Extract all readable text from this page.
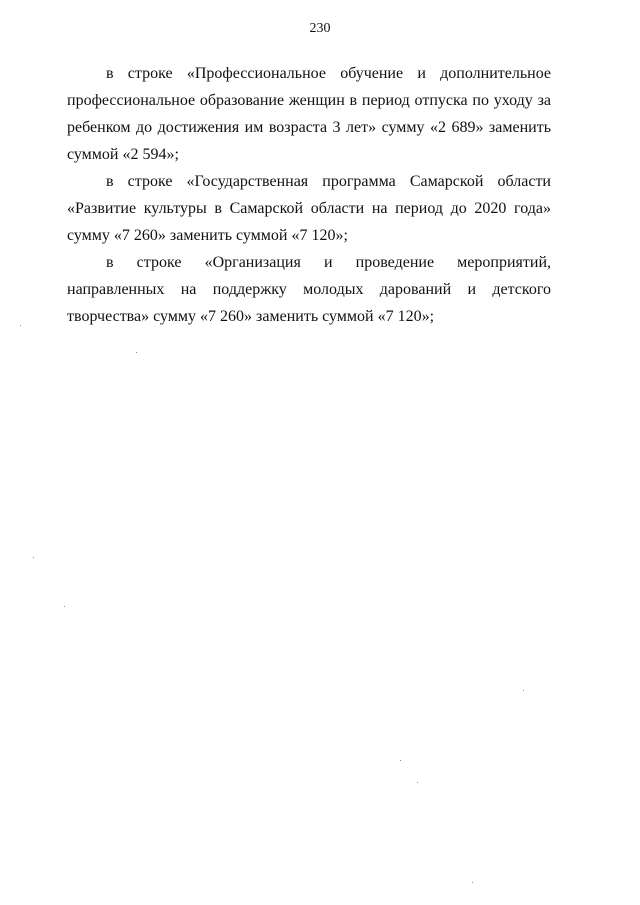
230

в строке «Профессиональное обучение и дополнительное профессиональное образование женщин в период отпуска по уходу за ребенком до достижения им возраста 3 лет» сумму «2 689» заменить суммой «2 594»;

в строке «Государственная программа Самарской области «Развитие культуры в Самарской области на период до 2020 года» сумму «7 260» заменить суммой «7 120»;

в строке «Организация и проведение мероприятий, направленных на поддержку молодых дарований и детского творчества» сумму «7 260» заменить суммой «7 120»;
